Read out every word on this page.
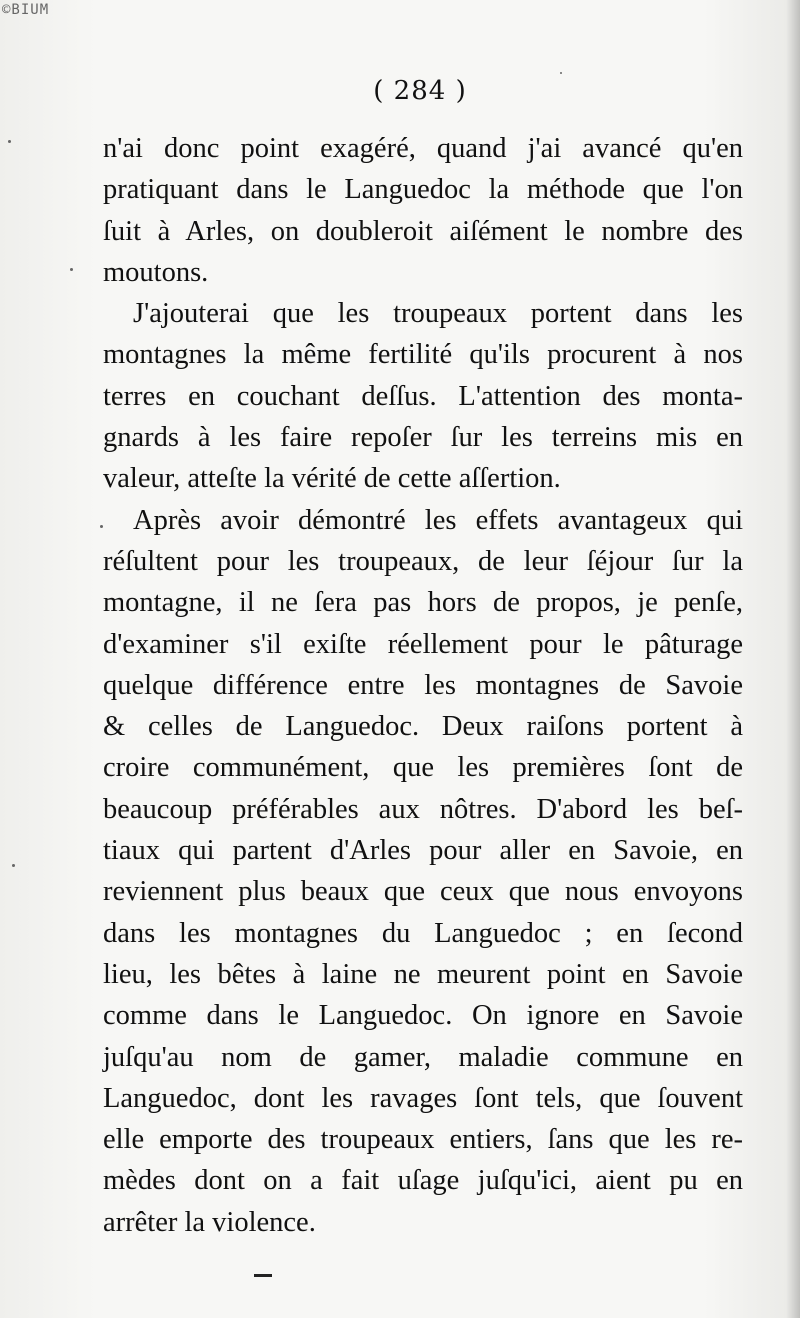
©BIUM
( 284 )
n'ai donc point exagéré, quand j'ai avancé qu'en
pratiquant dans le Languedoc la méthode que l'on
ſuit à Arles, on doubleroit aiſément le nombre des
moutons.
J'ajouterai que les troupeaux portent dans les
montagnes la même fertilité qu'ils procurent à nos
terres en couchant deſſus. L'attention des monta-
gnards à les faire repoſer ſur les terreins mis en
valeur, atteſte la vérité de cette aſſertion.
Après avoir démontré les effets avantageux qui
réſultent pour les troupeaux, de leur ſéjour ſur la
montagne, il ne ſera pas hors de propos, je penſe,
d'examiner s'il exiſte réellement pour le pâturage
quelque différence entre les montagnes de Savoie
& celles de Languedoc. Deux raiſons portent à
croire communément, que les premières ſont de
beaucoup préférables aux nôtres. D'abord les beſ-
tiaux qui partent d'Arles pour aller en Savoie, en
reviennent plus beaux que ceux que nous envoyons
dans les montagnes du Languedoc ; en ſecond
lieu, les bêtes à laine ne meurent point en Savoie
comme dans le Languedoc. On ignore en Savoie
juſqu'au nom de gamer, maladie commune en
Languedoc, dont les ravages ſont tels, que ſouvent
elle emporte des troupeaux entiers, ſans que les re-
mèdes dont on a fait uſage juſqu'ici, aient pu en
arrêter la violence.
